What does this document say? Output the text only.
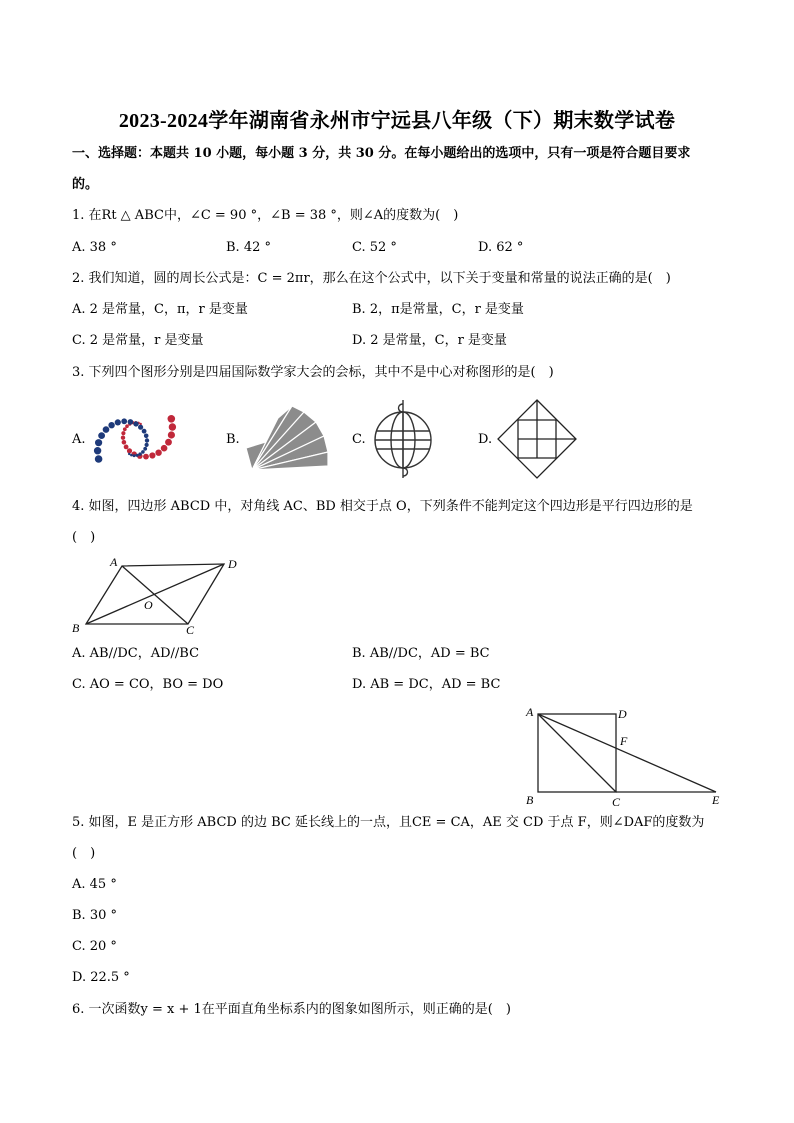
2023-2024学年湖南省永州市宁远县八年级（下）期末数学试卷
一、选择题：本题共 10 小题，每小题 3 分，共 30 分。在每小题给出的选项中，只有一项是符合题目要求
的。
1. 在Rt △ ABC中，∠C = 90 °，∠B = 38 °，则∠A的度数为(　)
A. 38 °	B. 42 °	C. 52 °	D. 62 °
2. 我们知道，圆的周长公式是：C = 2πr，那么在这个公式中，以下关于变量和常量的说法正确的是(　)
A. 2 是常量，C，π，r 是变量	B. 2，π是常量，C，r 是变量
C. 2 是常量，r 是变量	D. 2 是常量，C，r 是变量
3. 下列四个图形分别是四届国际数学家大会的会标，其中不是中心对称图形的是(　)
A.	B.	C.	D.
4. 如图，四边形 ABCD 中，对角线 AC、BD 相交于点 O，下列条件不能判定这个四边形是平行四边形的是
(　)
A	D
B	C
O
A. AB//DC，AD//BC	B. AB//DC，AD = BC
C. AO = CO，BO = DO	D. AB = DC，AD = BC
A	D
F
B	C	E
5. 如图，E 是正方形 ABCD 的边 BC 延长线上的一点，且CE = CA，AE 交 CD 于点 F，则∠DAF的度数为
(　)
A. 45 °
B. 30 °
C. 20 °
D. 22.5 °
6. 一次函数y = x + 1在平面直角坐标系内的图象如图所示，则正确的是(　)
